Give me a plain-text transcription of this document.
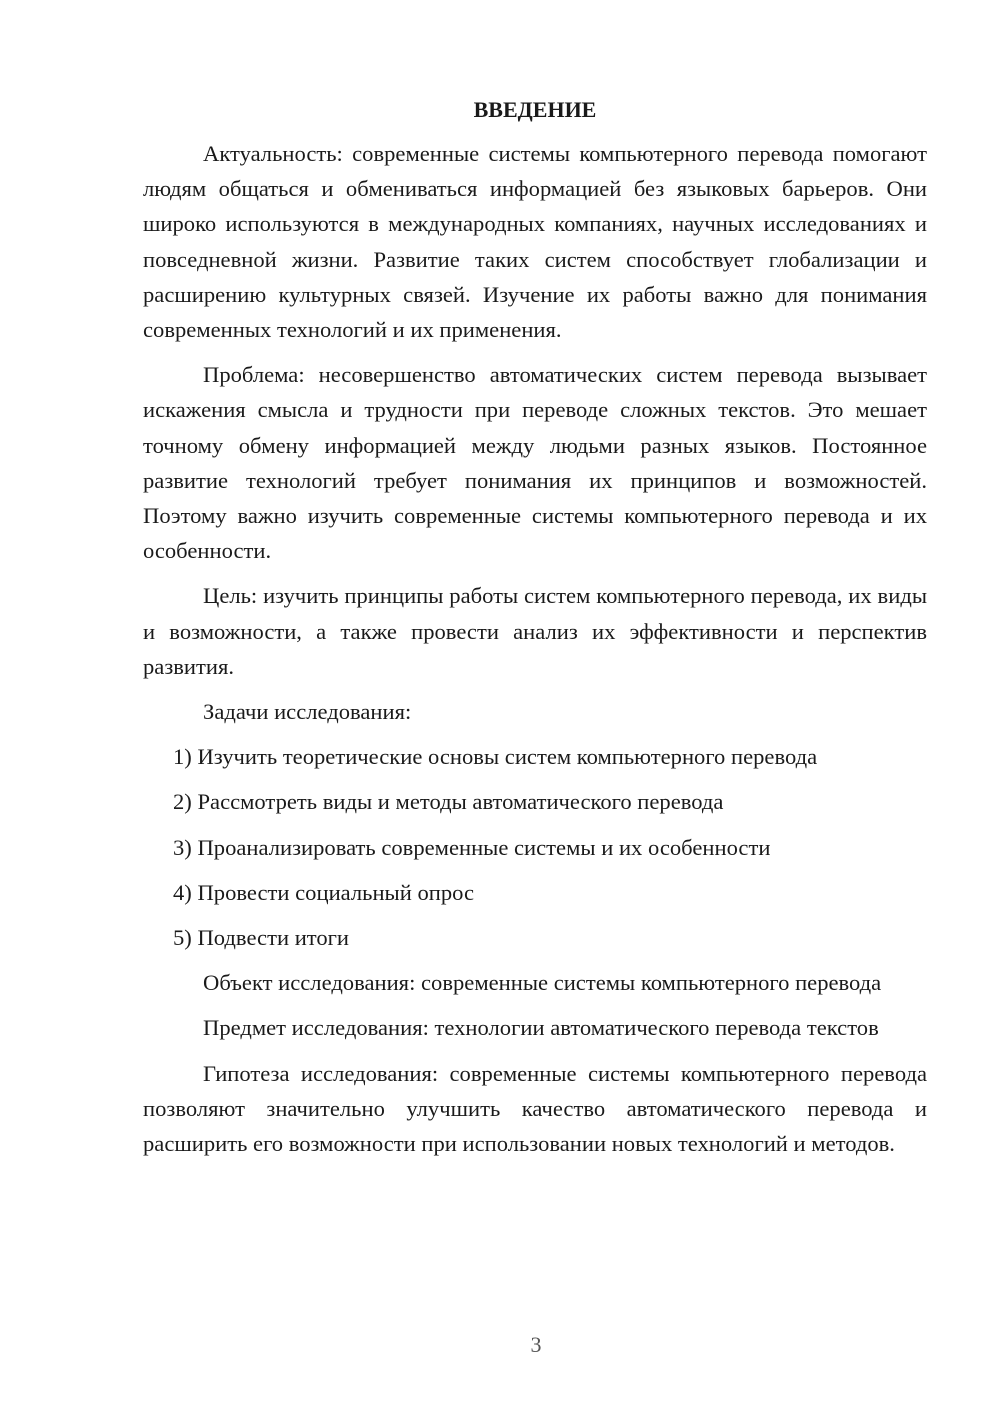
ВВЕДЕНИЕ

Актуальность: современные системы компьютерного перевода помогают людям общаться и обмениваться информацией без языковых барьеров. Они широко используются в международных компаниях, научных исследованиях и повседневной жизни. Развитие таких систем способствует глобализации и расширению культурных связей. Изучение их работы важно для понимания современных технологий и их применения.

Проблема: несовершенство автоматических систем перевода вызывает искажения смысла и трудности при переводе сложных текстов. Это мешает точному обмену информацией между людьми разных языков. Постоянное развитие технологий требует понимания их принципов и возможностей. Поэтому важно изучить современные системы компьютерного перевода и их особенности.

Цель: изучить принципы работы систем компьютерного перевода, их виды и возможности, а также провести анализ их эффективности и перспектив развития.

Задачи исследования:

1) Изучить теоретические основы систем компьютерного перевода
2) Рассмотреть виды и методы автоматического перевода
3) Проанализировать современные системы и их особенности
4) Провести социальный опрос
5) Подвести итоги

Объект исследования: современные системы компьютерного перевода

Предмет исследования: технологии автоматического перевода текстов

Гипотеза исследования: современные системы компьютерного перевода позволяют значительно улучшить качество автоматического перевода и расширить его возможности при использовании новых технологий и методов.

3
